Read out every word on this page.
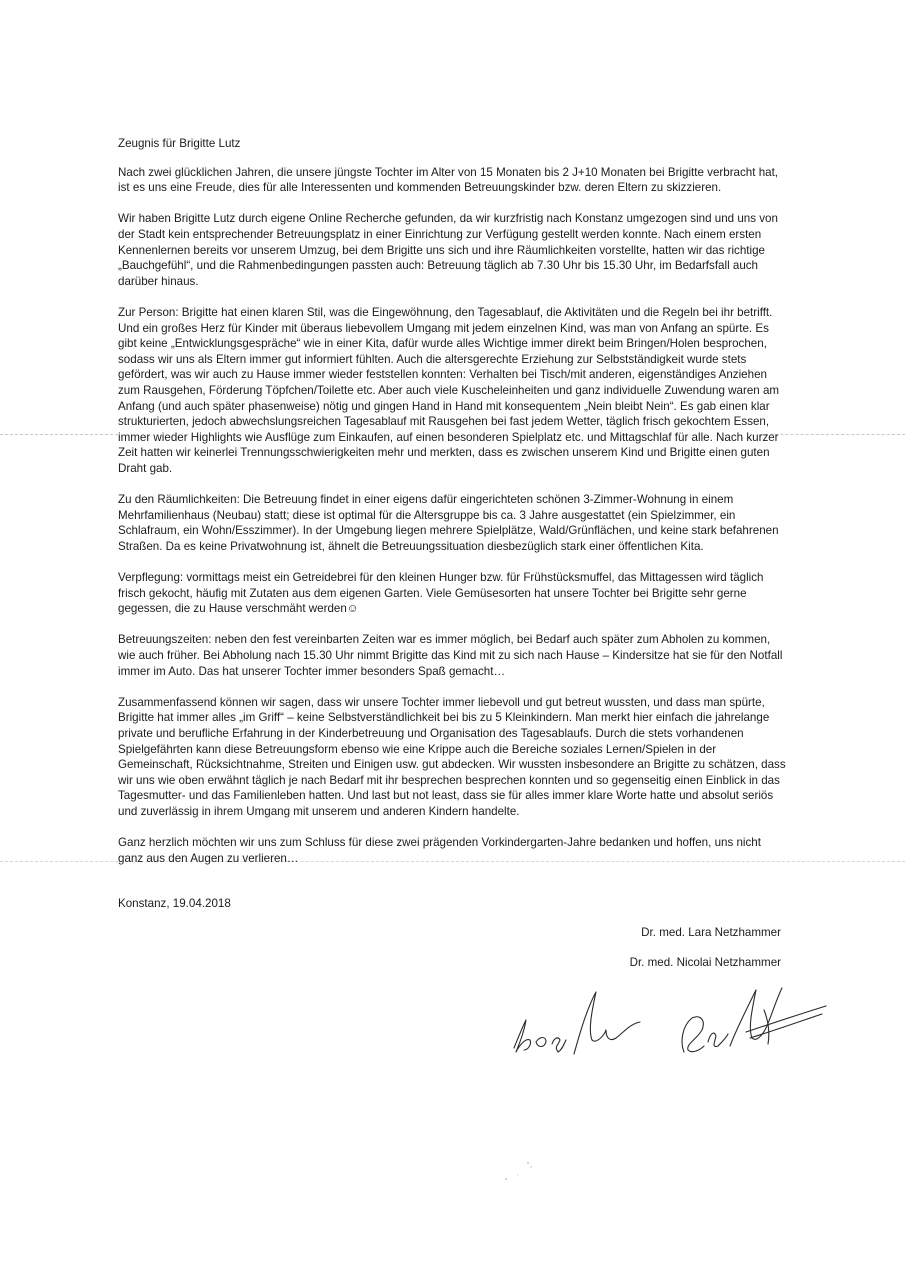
Zeugnis für Brigitte Lutz

Nach zwei glücklichen Jahren, die unsere jüngste Tochter im Alter von 15 Monaten bis 2 J+10 Monaten bei Brigitte verbracht hat, ist es uns eine Freude, dies für alle Interessenten und kommenden Betreuungskinder bzw. deren Eltern zu skizzieren.

Wir haben Brigitte Lutz durch eigene Online Recherche gefunden, da wir kurzfristig nach Konstanz umgezogen sind und uns von der Stadt kein entsprechender Betreuungsplatz in einer Einrichtung zur Verfügung gestellt werden konnte. Nach einem ersten Kennenlernen bereits vor unserem Umzug, bei dem Brigitte uns sich und ihre Räumlichkeiten vorstellte, hatten wir das richtige „Bauchgefühl“, und die Rahmenbedingungen passten auch: Betreuung täglich ab 7.30 Uhr bis 15.30 Uhr, im Bedarfsfall auch darüber hinaus.

Zur Person: Brigitte hat einen klaren Stil, was die Eingewöhnung, den Tagesablauf, die Aktivitäten und die Regeln bei ihr betrifft. Und ein großes Herz für Kinder mit überaus liebevollem Umgang mit jedem einzelnen Kind, was man von Anfang an spürte. Es gibt keine „Entwicklungsgespräche“ wie in einer Kita, dafür wurde alles Wichtige immer direkt beim Bringen/Holen besprochen, sodass wir uns als Eltern immer gut informiert fühlten. Auch die altersgerechte Erziehung zur Selbstständigkeit wurde stets gefördert, was wir auch zu Hause immer wieder feststellen konnten: Verhalten bei Tisch/mit anderen, eigenständiges Anziehen zum Rausgehen, Förderung Töpfchen/Toilette etc. Aber auch viele Kuscheleinheiten und ganz individuelle Zuwendung waren am Anfang (und auch später phasenweise) nötig und gingen Hand in Hand mit konsequentem „Nein bleibt Nein“. Es gab einen klar strukturierten, jedoch abwechslungsreichen Tagesablauf mit Rausgehen bei fast jedem Wetter, täglich frisch gekochtem Essen, immer wieder Highlights wie Ausflüge zum Einkaufen, auf einen besonderen Spielplatz etc. und Mittagschlaf für alle. Nach kurzer Zeit hatten wir keinerlei Trennungsschwierigkeiten mehr und merkten, dass es zwischen unserem Kind und Brigitte einen guten Draht gab.

Zu den Räumlichkeiten: Die Betreuung findet in einer eigens dafür eingerichteten schönen 3-Zimmer-Wohnung in einem Mehrfamilienhaus (Neubau) statt; diese ist optimal für die Altersgruppe bis ca. 3 Jahre ausgestattet (ein Spielzimmer, ein Schlafraum, ein Wohn/Esszimmer). In der Umgebung liegen mehrere Spielplätze, Wald/Grünflächen, und keine stark befahrenen Straßen. Da es keine Privatwohnung ist, ähnelt die Betreuungssituation diesbezüglich stark einer öffentlichen Kita.

Verpflegung: vormittags meist ein Getreidebrei für den kleinen Hunger bzw. für Frühstücksmuffel, das Mittagessen wird täglich frisch gekocht, häufig mit Zutaten aus dem eigenen Garten. Viele Gemüsesorten hat unsere Tochter bei Brigitte sehr gerne gegessen, die zu Hause verschmäht werden☺

Betreuungszeiten: neben den fest vereinbarten Zeiten war es immer möglich, bei Bedarf auch später zum Abholen zu kommen, wie auch früher. Bei Abholung nach 15.30 Uhr nimmt Brigitte das Kind mit zu sich nach Hause – Kindersitze hat sie für den Notfall immer im Auto. Das hat unserer Tochter immer besonders Spaß gemacht…

Zusammenfassend können wir sagen, dass wir unsere Tochter immer liebevoll und gut betreut wussten, und dass man spürte, Brigitte hat immer alles „im Griff“ – keine Selbstverständlichkeit bei bis zu 5 Kleinkindern. Man merkt hier einfach die jahrelange private und berufliche Erfahrung in der Kinderbetreuung und Organisation des Tagesablaufs. Durch die stets vorhandenen Spielgefährten kann diese Betreuungsform ebenso wie eine Krippe auch die Bereiche soziales Lernen/Spielen in der Gemeinschaft, Rücksichtnahme, Streiten und Einigen usw. gut abdecken. Wir wussten insbesondere an Brigitte zu schätzen, dass wir uns wie oben erwähnt täglich je nach Bedarf mit ihr besprechen besprechen konnten und so gegenseitig einen Einblick in das Tagesmutter- und das Familienleben hatten. Und last but not least, dass sie für alles immer klare Worte hatte und absolut seriös und zuverlässig in ihrem Umgang mit unserem und anderen Kindern handelte.

Ganz herzlich möchten wir uns zum Schluss für diese zwei prägenden Vorkindergarten-Jahre bedanken und hoffen, uns nicht ganz aus den Augen zu verlieren…

Konstanz, 19.04.2018
Dr. med. Lara Netzhammer
Dr. med. Nicolai Netzhammer
